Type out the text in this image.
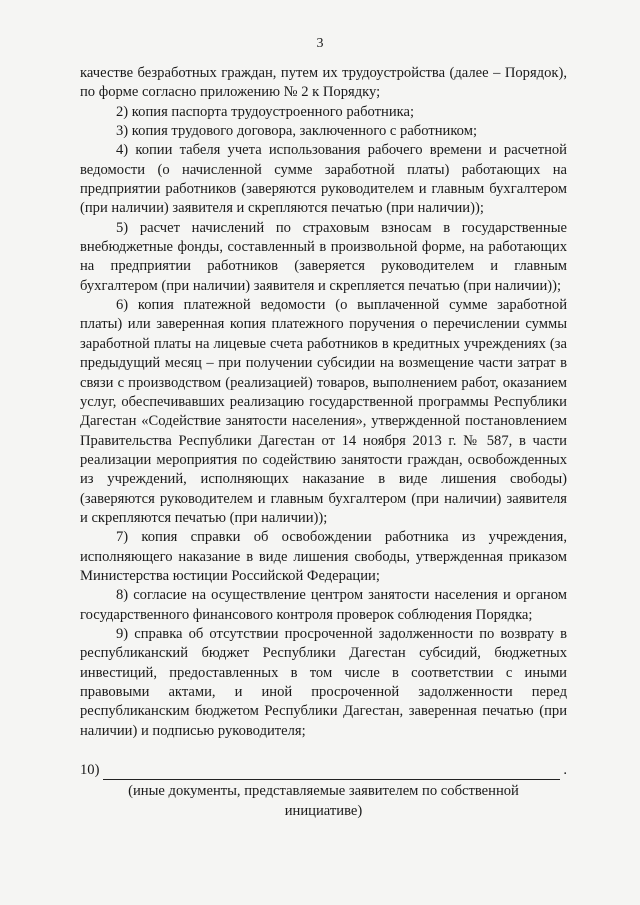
3

качестве безработных граждан, путем их трудоустройства (далее – Порядок), по форме согласно приложению № 2 к Порядку;

2) копия паспорта трудоустроенного работника;

3) копия трудового договора, заключенного с работником;

4) копии табеля учета использования рабочего времени и расчетной ведомости (о начисленной сумме заработной платы) работающих на предприятии работников (заверяются руководителем и главным бухгалтером (при наличии) заявителя и скрепляются печатью (при наличии));

5) расчет начислений по страховым взносам в государственные внебюджетные фонды, составленный в произвольной форме, на работающих на предприятии работников (заверяется руководителем и главным бухгалтером (при наличии) заявителя и скрепляется печатью (при наличии));

6) копия платежной ведомости (о выплаченной сумме заработной платы) или заверенная копия платежного поручения о перечислении суммы заработной платы на лицевые счета работников в кредитных учреждениях (за предыдущий месяц – при получении субсидии на возмещение части затрат в связи с производством (реализацией) товаров, выполнением работ, оказанием услуг, обеспечивавших реализацию государственной программы Республики Дагестан «Содействие занятости населения», утвержденной постановлением Правительства Республики Дагестан от 14 ноября 2013 г. № 587, в части реализации мероприятия по содействию занятости граждан, освобожденных из учреждений, исполняющих наказание в виде лишения свободы) (заверяются руководителем и главным бухгалтером (при наличии) заявителя и скрепляются печатью (при наличии));

7) копия справки об освобождении работника из учреждения, исполняющего наказание в виде лишения свободы, утвержденная приказом Министерства юстиции Российской Федерации;

8) согласие на осуществление центром занятости населения и органом государственного финансового контроля проверок соблюдения Порядка;

9) справка об отсутствии просроченной задолженности по возврату в республиканский бюджет Республики Дагестан субсидий, бюджетных инвестиций, предоставленных в том числе в соответствии с иными правовыми актами, и иной просроченной задолженности перед республиканским бюджетом Республики Дагестан, заверенная печатью (при наличии) и подписью руководителя;

10)	.
(иные документы, представляемые заявителем по собственной инициативе)
